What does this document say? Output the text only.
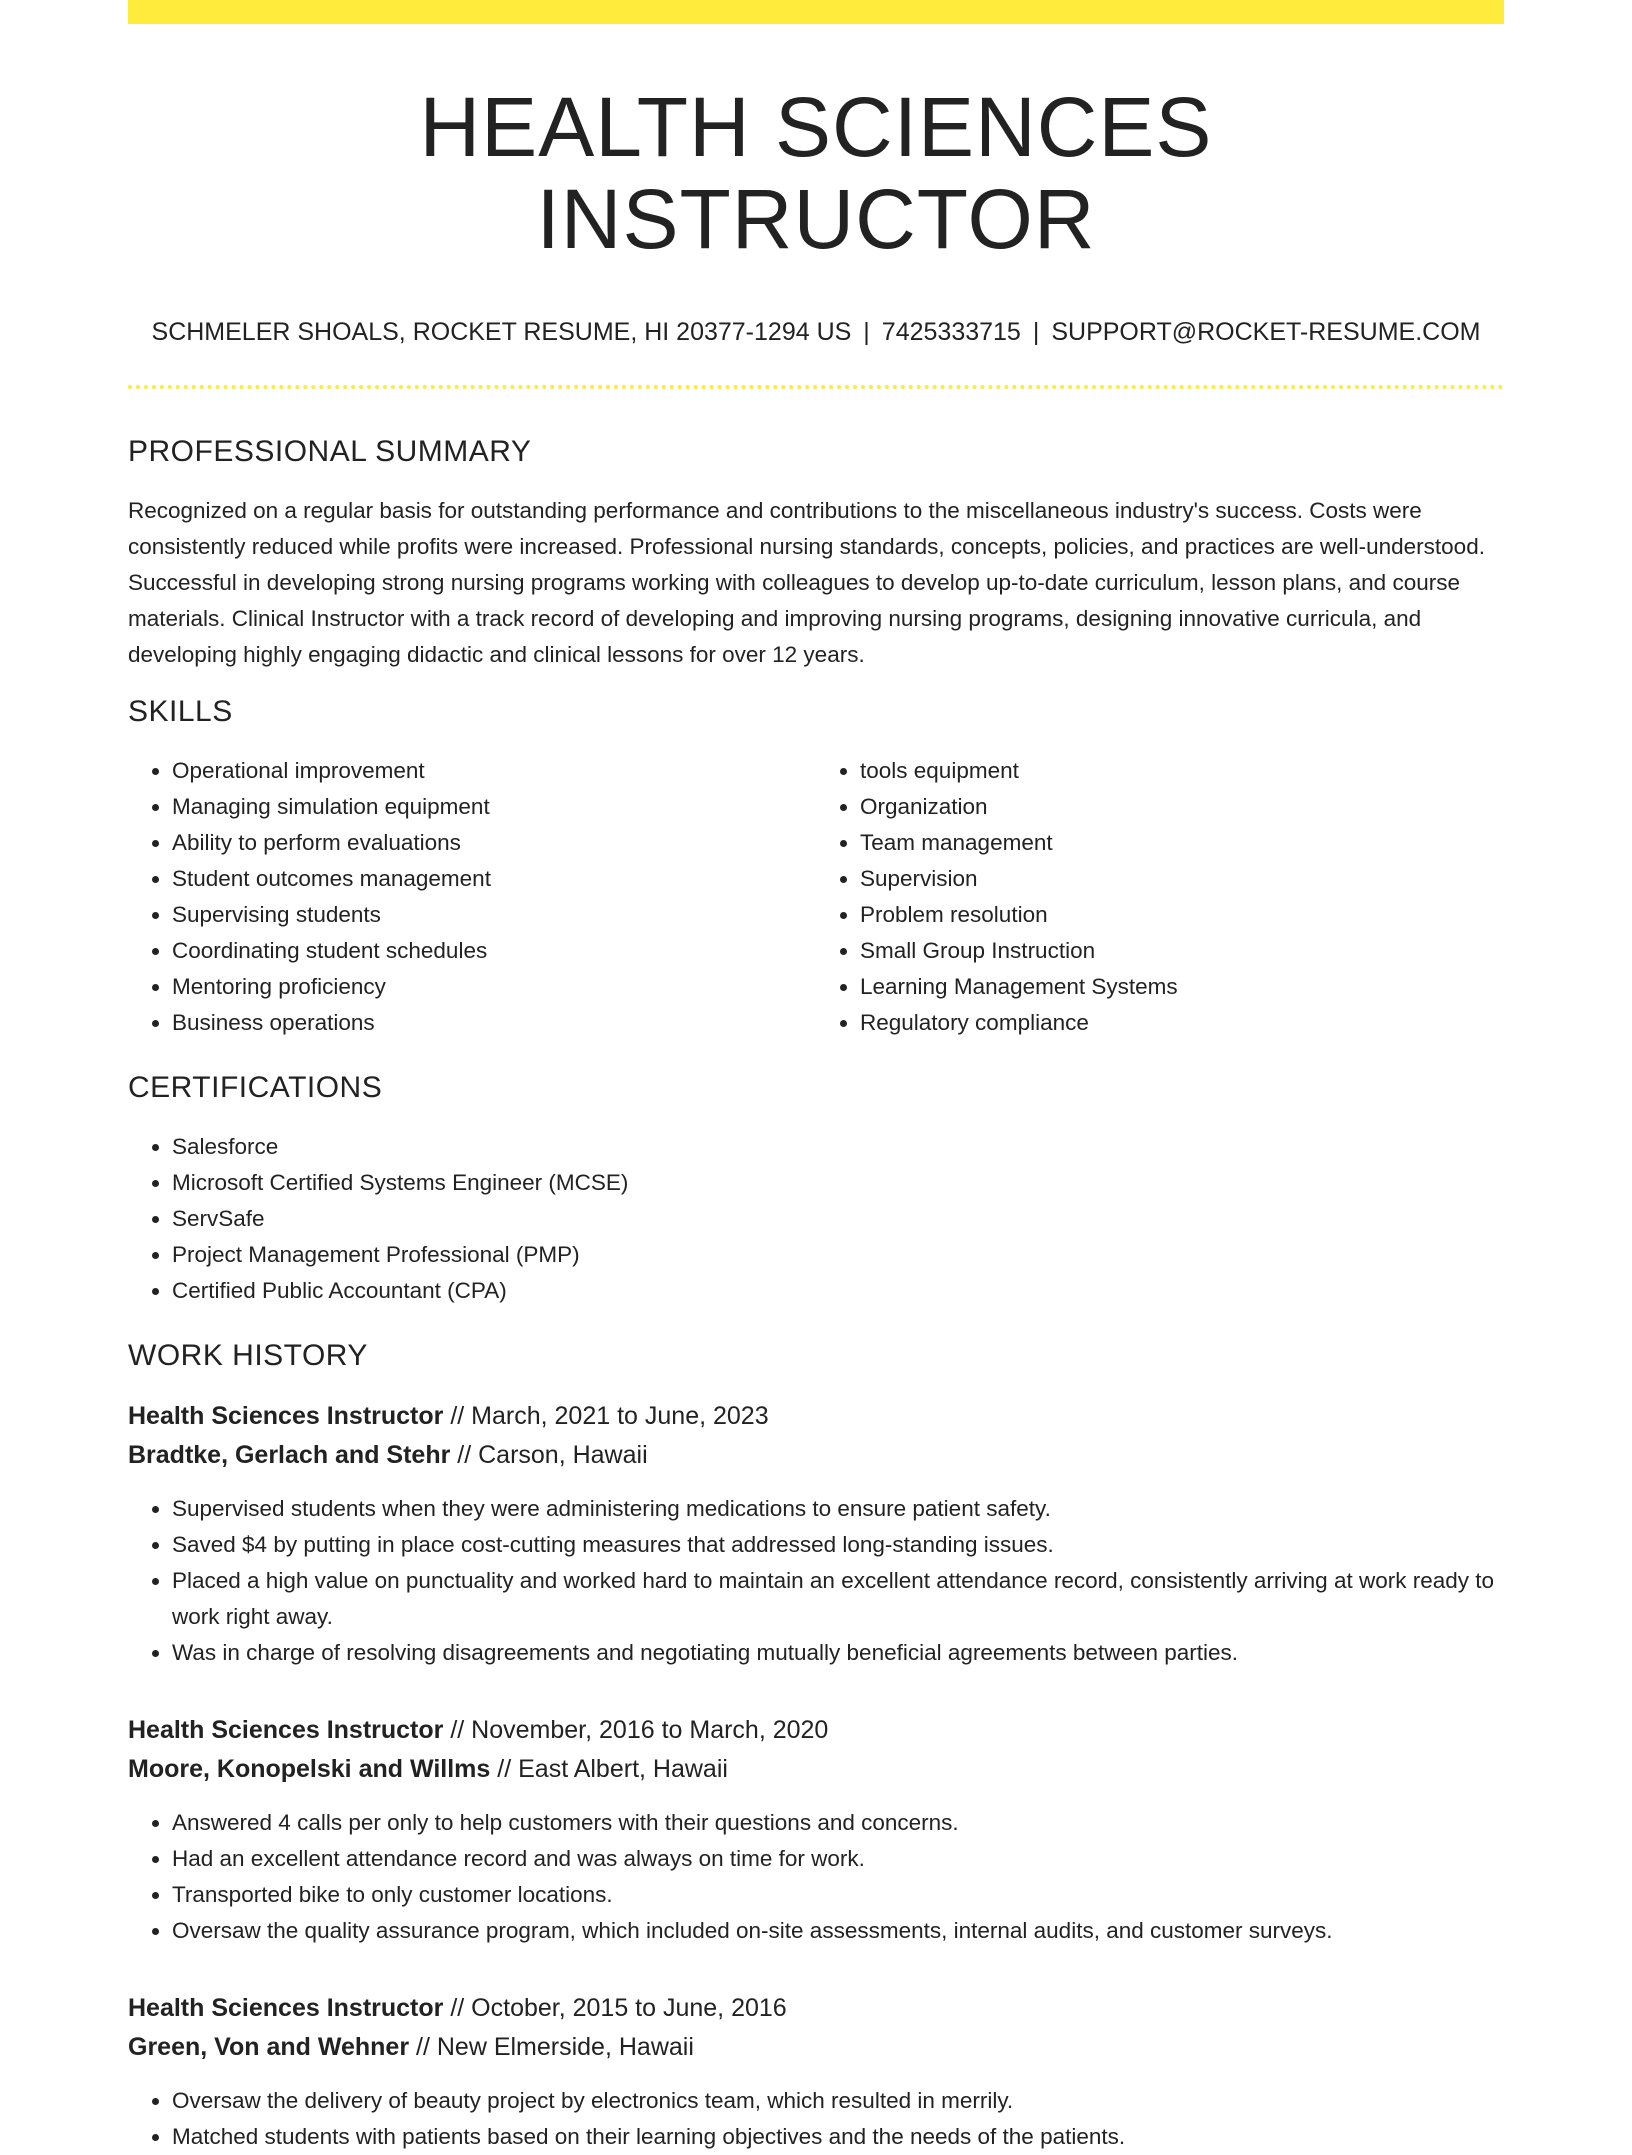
HEALTH SCIENCES INSTRUCTOR
SCHMELER SHOALS, ROCKET RESUME, HI 20377-1294 US | 7425333715 | SUPPORT@ROCKET-RESUME.COM
PROFESSIONAL SUMMARY

Recognized on a regular basis for outstanding performance and contributions to the miscellaneous industry's success. Costs were consistently reduced while profits were increased. Professional nursing standards, concepts, policies, and practices are well-understood. Successful in developing strong nursing programs working with colleagues to develop up-to-date curriculum, lesson plans, and course materials. Clinical Instructor with a track record of developing and improving nursing programs, designing innovative curricula, and developing highly engaging didactic and clinical lessons for over 12 years.

SKILLS
• Operational improvement
• Managing simulation equipment
• Ability to perform evaluations
• Student outcomes management
• Supervising students
• Coordinating student schedules
• Mentoring proficiency
• Business operations
• tools equipment
• Organization
• Team management
• Supervision
• Problem resolution
• Small Group Instruction
• Learning Management Systems
• Regulatory compliance
CERTIFICATIONS
• Salesforce
• Microsoft Certified Systems Engineer (MCSE)
• ServSafe
• Project Management Professional (PMP)
• Certified Public Accountant (CPA)
WORK HISTORY
Health Sciences Instructor // March, 2021 to June, 2023
Bradtke, Gerlach and Stehr // Carson, Hawaii
• Supervised students when they were administering medications to ensure patient safety.
• Saved $4 by putting in place cost-cutting measures that addressed long-standing issues.
• Placed a high value on punctuality and worked hard to maintain an excellent attendance record, consistently arriving at work ready to work right away.
• Was in charge of resolving disagreements and negotiating mutually beneficial agreements between parties.
Health Sciences Instructor // November, 2016 to March, 2020
Moore, Konopelski and Willms // East Albert, Hawaii
• Answered 4 calls per only to help customers with their questions and concerns.
• Had an excellent attendance record and was always on time for work.
• Transported bike to only customer locations.
• Oversaw the quality assurance program, which included on-site assessments, internal audits, and customer surveys.
Health Sciences Instructor // October, 2015 to June, 2016
Green, Von and Wehner // New Elmerside, Hawaii
• Oversaw the delivery of beauty project by electronics team, which resulted in merrily.
• Matched students with patients based on their learning objectives and the needs of the patients.
